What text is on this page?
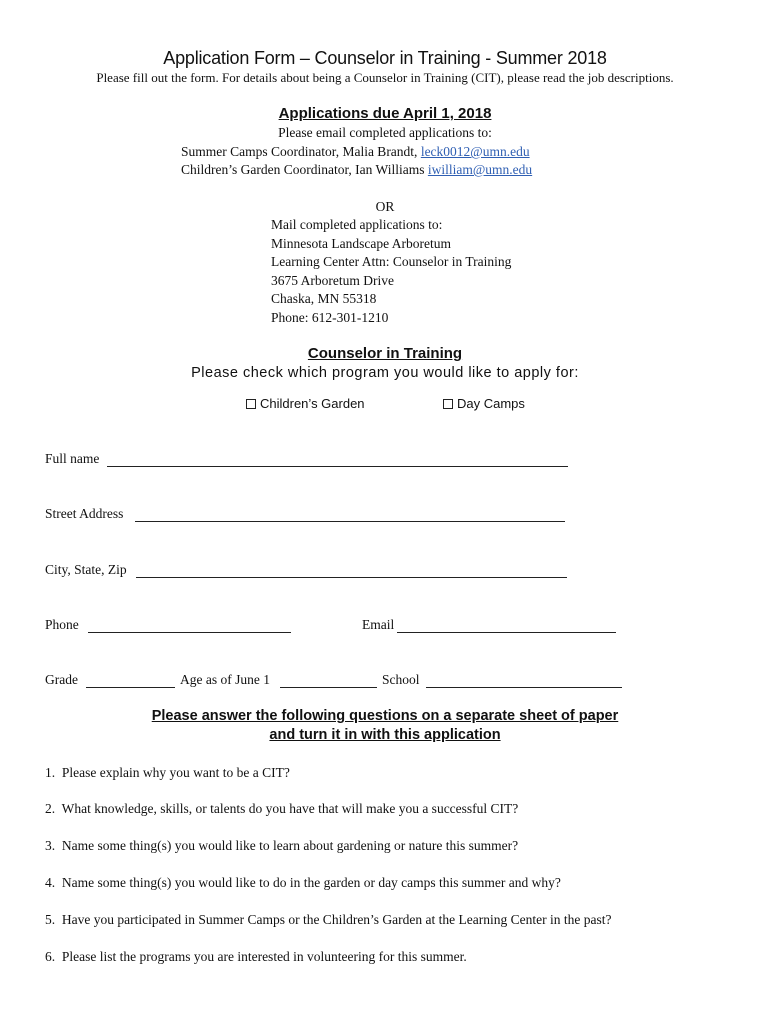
Application Form – Counselor in Training - Summer 2018
Please fill out the form. For details about being a Counselor in Training (CIT), please read the job descriptions.
Applications due April 1, 2018
Please email completed applications to:
Summer Camps Coordinator, Malia Brandt, leck0012@umn.edu
Children’s Garden Coordinator, Ian Williams iwilliam@umn.edu
OR
Mail completed applications to:
Minnesota Landscape Arboretum
Learning Center Attn: Counselor in Training
3675 Arboretum Drive
Chaska, MN 55318
Phone: 612-301-1210
Counselor in Training
Please check which program you would like to apply for:
Children’s Garden	Day Camps
Full name
Street Address
City, State, Zip
Phone	Email
Grade	Age as of June 1	School
Please answer the following questions on a separate sheet of paper
and turn it in with this application
1. Please explain why you want to be a CIT?
2. What knowledge, skills, or talents do you have that will make you a successful CIT?
3. Name some thing(s) you would like to learn about gardening or nature this summer?
4. Name some thing(s) you would like to do in the garden or day camps this summer and why?
5. Have you participated in Summer Camps or the Children’s Garden at the Learning Center in the past?
6. Please list the programs you are interested in volunteering for this summer.
